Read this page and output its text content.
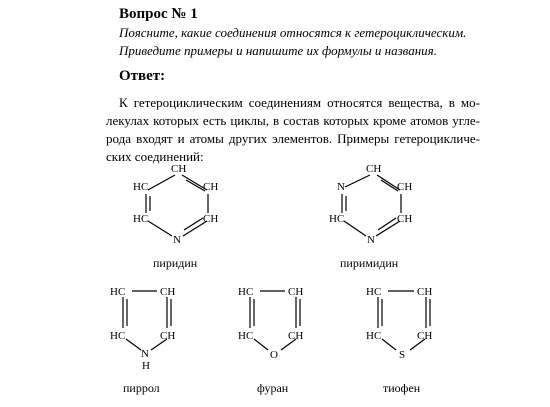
Вопрос № 1
Поясните, какие соединения относятся к гетероциклическим.
Приведите примеры и напишите их формулы и названия.
Ответ:
К гетероциклическим соединениям относятся вещества, в мо-
лекулах которых есть циклы, в состав которых кроме атомов угле-
рода входят и атомы других элементов. Примеры гетероцикличе-
ских соединений:
CH
HC	CH
HC	CH
N
пиридин
CH
N	CH
HC	CH
N
пиримидин
HC	CH
HC	CH
N
H
пиррол
HC	CH
HC	CH
O
фуран
HC	CH
HC	CH
S
тиофен
